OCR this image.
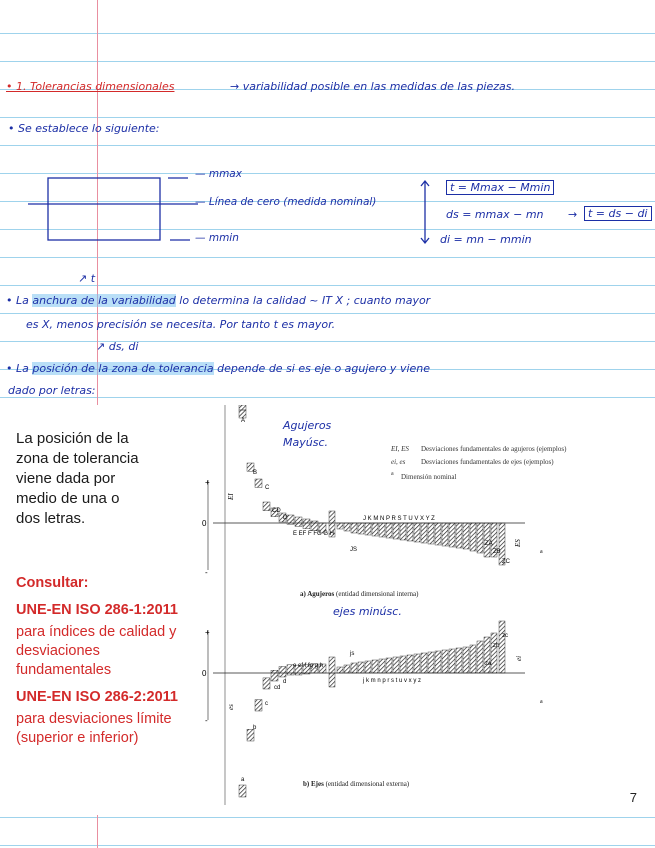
• 1. Tolerancias dimensionales	→ variabilidad posible en las medidas de las piezas.
• Se establece lo siguiente:
— mmax
— Línea de cero (medida nominal)
— mmin
t = Mmax − Mmin
ds = mmax − mn → t = ds − di
di = mn − mmin
↗ t
• La anchura de la variabilidad lo determina la calidad ~ IT X ; cuanto mayor
es X, menos precisión se necesita. Por tanto t es mayor.
↗ ds, di
• La posición de la zona de tolerancia depende de si es eje o agujero y viene
dado por letras:
La posición de la
zona de tolerancia
viene dada por
medio de una o
dos letras.
Consultar:
UNE-EN ISO 286-1:2011
para índices de calidad y
desviaciones
fundamentales
UNE-EN ISO 286-2:2011
para desviaciones límite
(superior e inferior)
0
0
+
-
+
-
EI
ES
ei
es
a
a
A
B
C
CD
D
E EF F FG G H
J K M N P R S T U V X Y Z
JS
ZA
ZB
ZC
e ef f fg g h
j k m n p r s t u v x y z
js
d
cd
c
b
a
za
zb
zc
EI, ES Desviaciones fundamentales de agujeros (ejemplos)
ei, es Desviaciones fundamentales de ejes (ejemplos)
a Dimensión nominal
a) Agujeros (entidad dimensional interna)
b) Ejes (entidad dimensional externa)
Agujeros
Mayúsc.
ejes minúsc.
7
